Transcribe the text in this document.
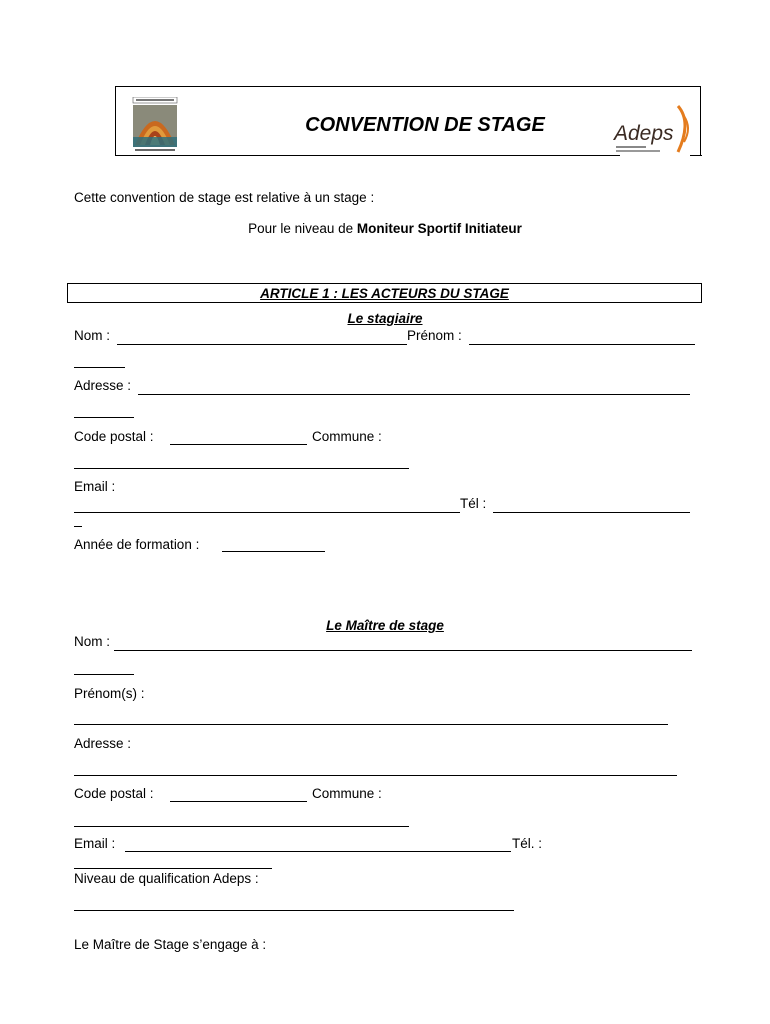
CONVENTION DE STAGE	Adeps
Cette convention de stage est relative à un stage :
Pour le niveau de Moniteur Sportif Initiateur
ARTICLE 1 : LES ACTEURS DU STAGE
Le stagiaire
Nom :	Prénom :
Adresse :
Code postal :	Commune :
Email :
Tél :
Année de formation :
Le Maître de stage
Nom :
Prénom(s) :
Adresse :
Code postal :	Commune :
Email :	Tél. :
Niveau de qualification Adeps :
Le Maître de Stage s’engage à :
